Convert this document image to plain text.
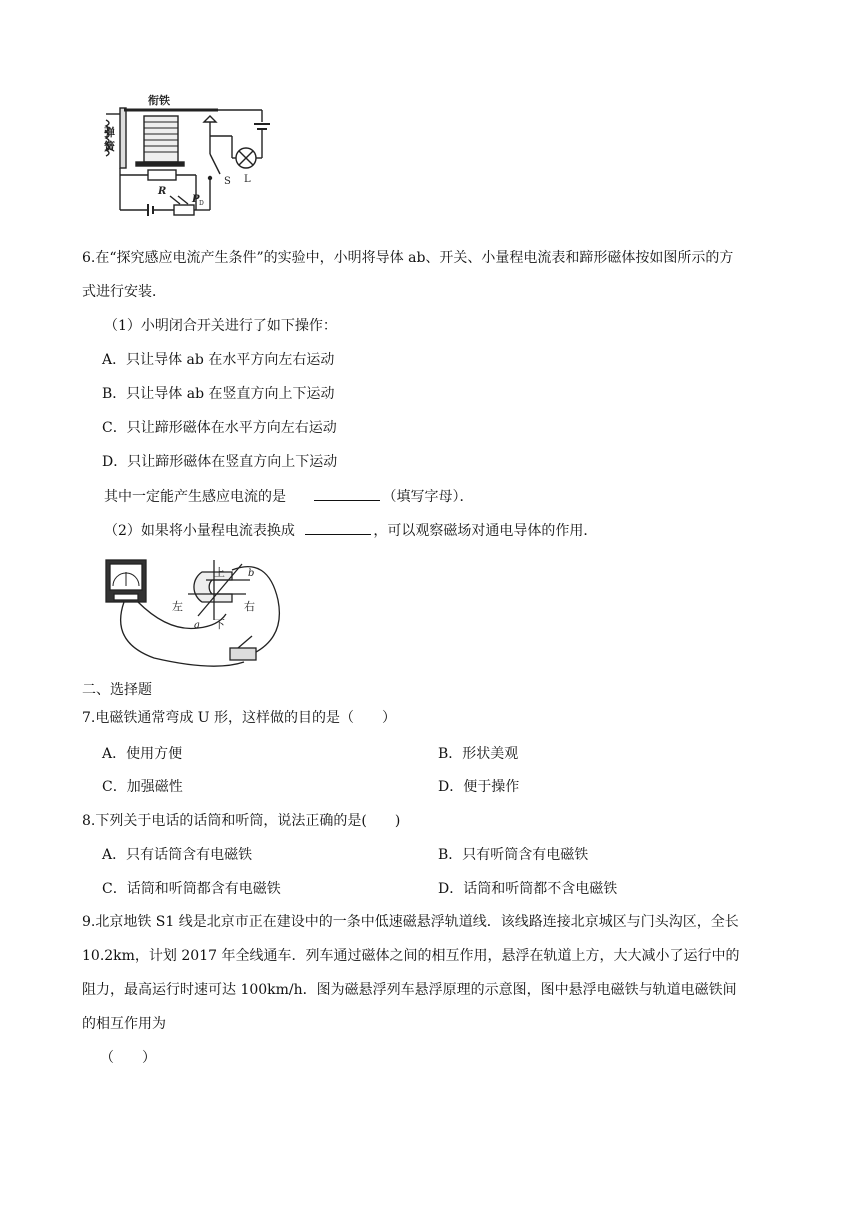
衔铁
弹
簧
R
P D
S L
6.在“探究感应电流产生条件”的实验中，小明将导体 ab、开关、小量程电流表和蹄形磁体按如图所示的方
式进行安装．
（1）小明闭合开关进行了如下操作：
A．只让导体 ab 在水平方向左右运动
B．只让导体 ab 在竖直方向上下运动
C．只让蹄形磁体在水平方向左右运动
D．只让蹄形磁体在竖直方向上下运动
其中一定能产生感应电流的是	（填写字母）．
（2）如果将小量程电流表换成	，可以观察磁场对通电导体的作用．
上
下
左	右
a
b
二、选择题
7.电磁铁通常弯成 U 形，这样做的目的是（　　）
A．使用方便	B．形状美观
C．加强磁性	D．便于操作
8.下列关于电话的话筒和听筒，说法正确的是(　　)
A．只有话筒含有电磁铁	B．只有听筒含有电磁铁
C．话筒和听筒都含有电磁铁	D．话筒和听筒都不含电磁铁
9.北京地铁 S1 线是北京市正在建设中的一条中低速磁悬浮轨道线．该线路连接北京城区与门头沟区，全长
10.2km，计划 2017 年全线通车．列车通过磁体之间的相互作用，悬浮在轨道上方，大大减小了运行中的
阻力，最高运行时速可达 100km/h．图为磁悬浮列车悬浮原理的示意图，图中悬浮电磁铁与轨道电磁铁间
的相互作用为
（　　）
